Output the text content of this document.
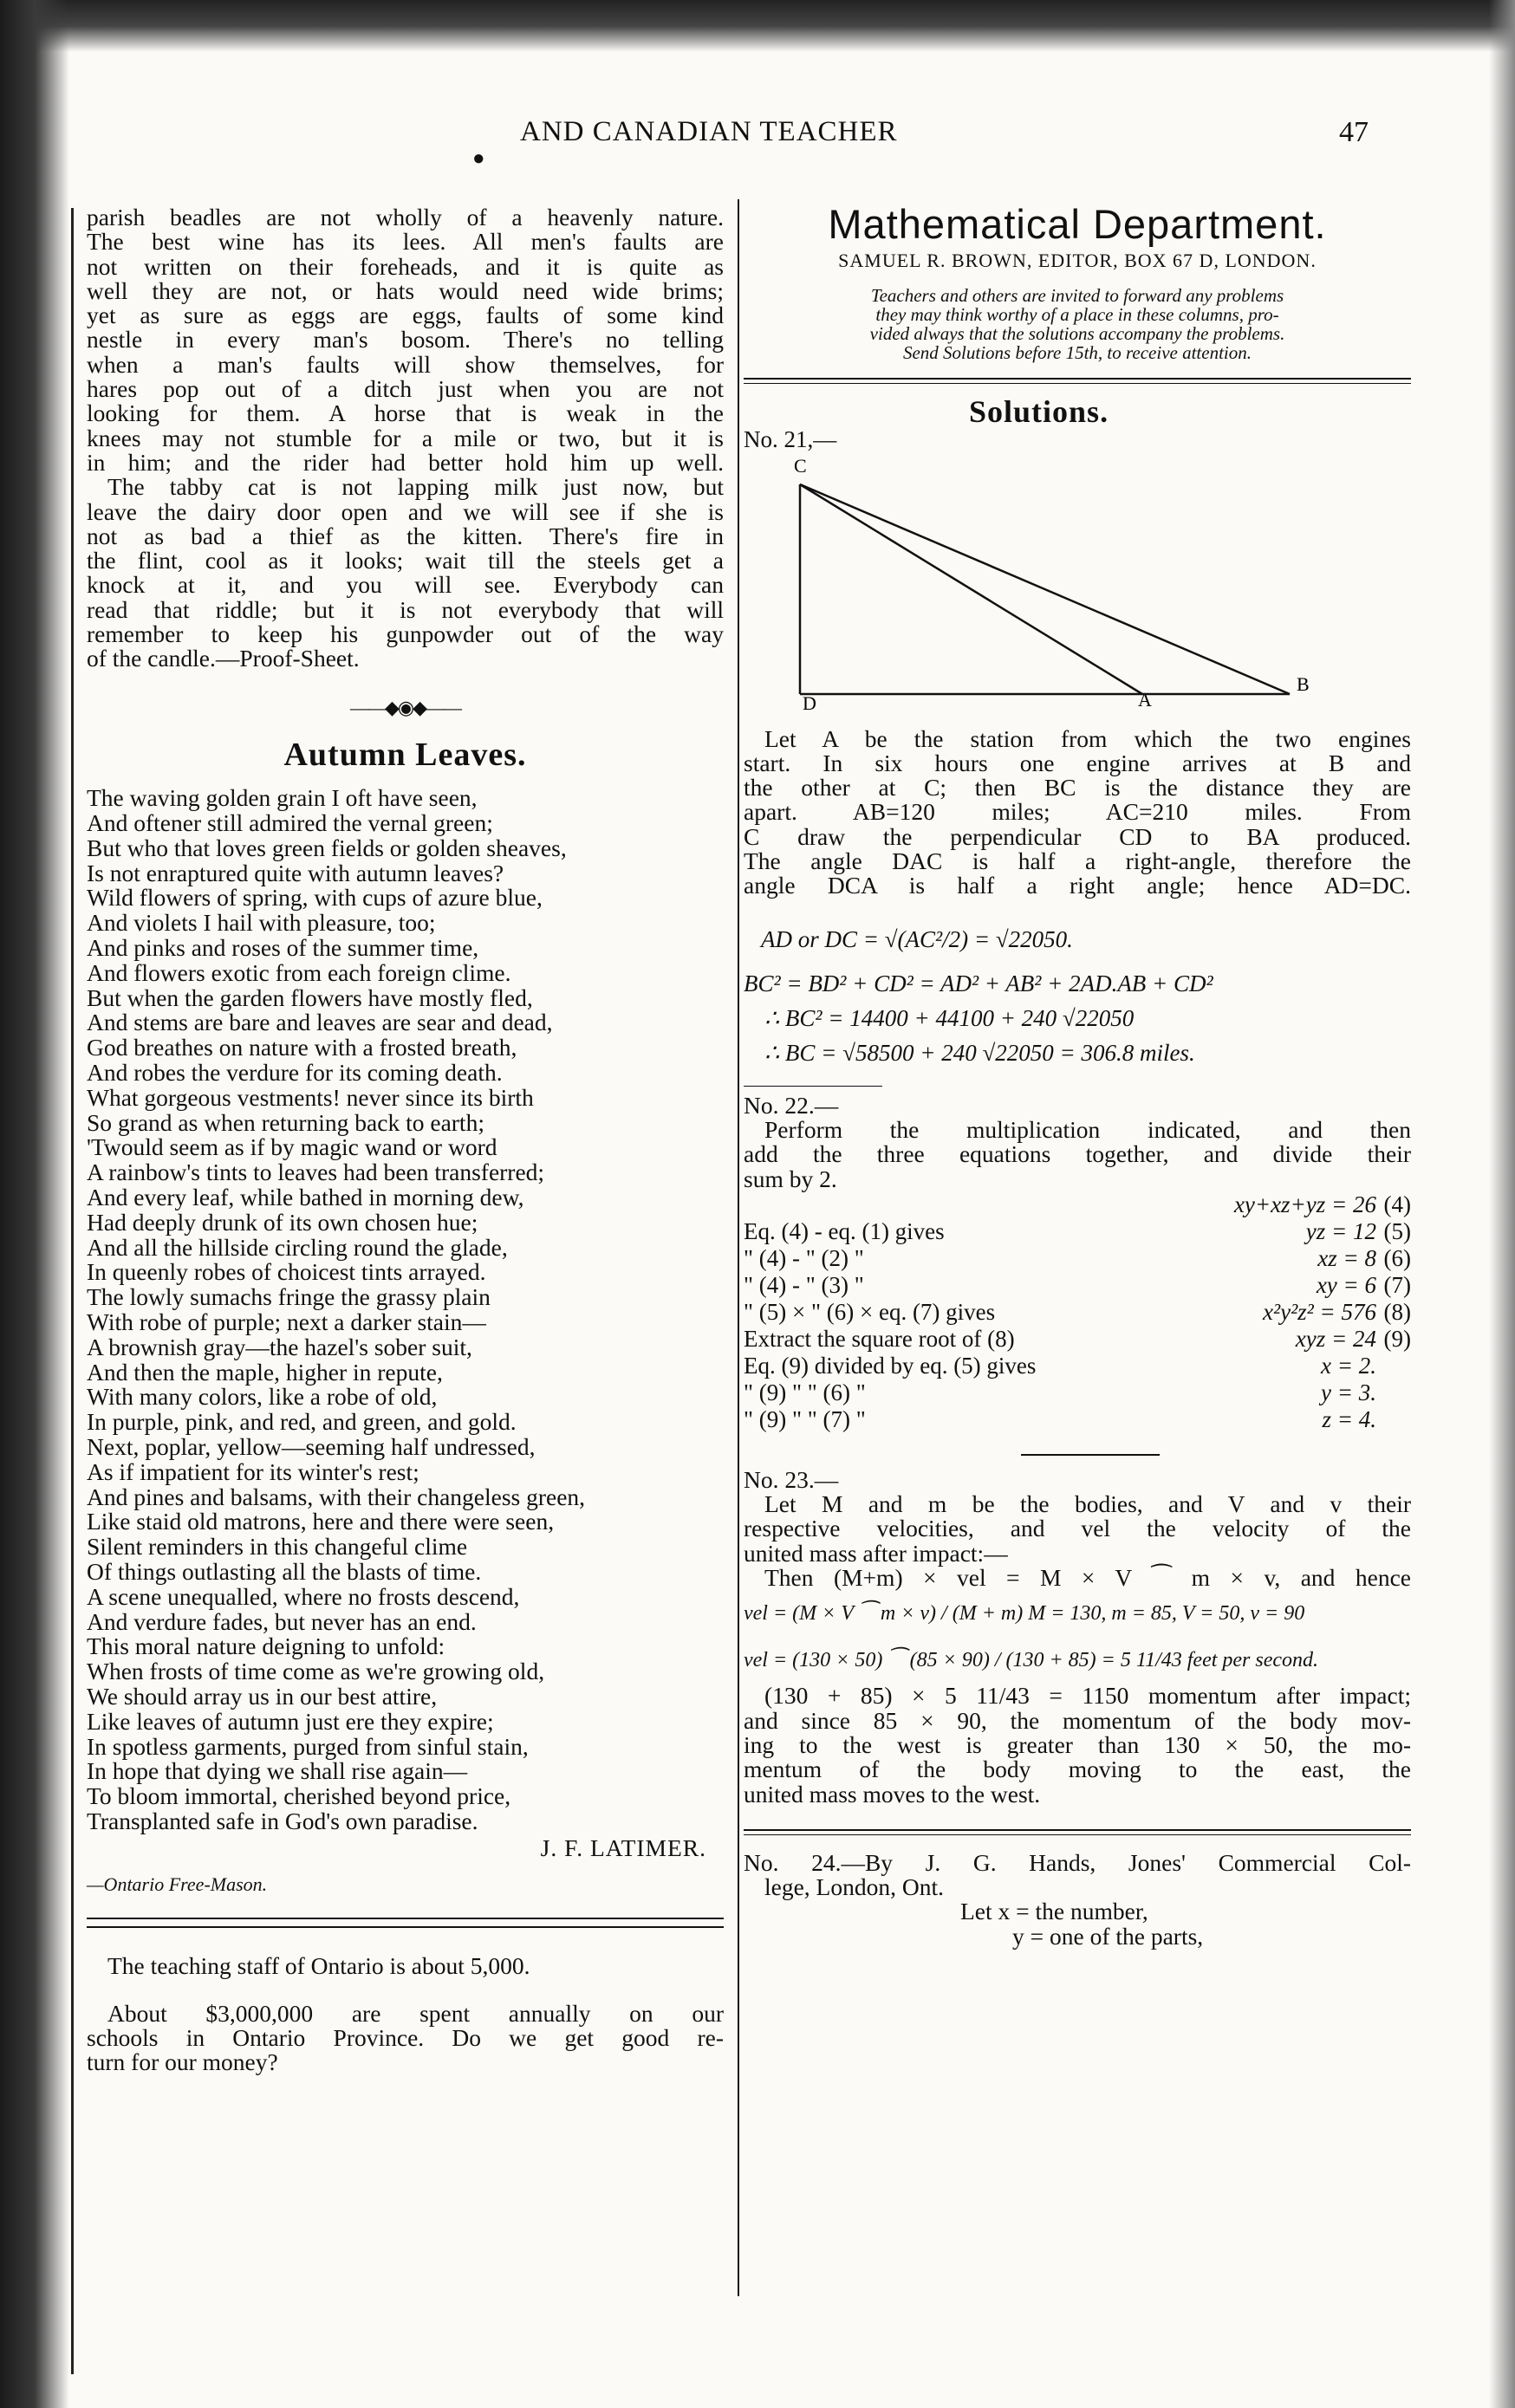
AND CANADIAN TEACHER	47
●

parish beadles are not wholly of a heavenly nature.

The best wine has its lees. All men's faults are

not written on their foreheads, and it is quite as

well they are not, or hats would need wide brims;

yet as sure as eggs are eggs, faults of some kind

nestle in every man's bosom. There's no telling

when a man's faults will show themselves, for

hares pop out of a ditch just when you are not

looking for them. A horse that is weak in the

knees may not stumble for a mile or two, but it is

in him; and the rider had better hold him up well.

The tabby cat is not lapping milk just now, but

leave the dairy door open and we will see if she is

not as bad a thief as the kitten. There's fire in

the flint, cool as it looks; wait till the steels get a

knock at it, and you will see. Everybody can

read that riddle; but it is not everybody that will

remember to keep his gunpowder out of the way

of the candle.—Proof-Sheet.

——◆◉◆——
Autumn Leaves.
The waving golden grain I oft have seen,
And oftener still admired the vernal green;
But who that loves green fields or golden sheaves,
Is not enraptured quite with autumn leaves?
Wild flowers of spring, with cups of azure blue,
And violets I hail with pleasure, too;
And pinks and roses of the summer time,
And flowers exotic from each foreign clime.
But when the garden flowers have mostly fled,
And stems are bare and leaves are sear and dead,
God breathes on nature with a frosted breath,
And robes the verdure for its coming death.
What gorgeous vestments! never since its birth
So grand as when returning back to earth;
'Twould seem as if by magic wand or word
A rainbow's tints to leaves had been transferred;
And every leaf, while bathed in morning dew,
Had deeply drunk of its own chosen hue;
And all the hillside circling round the glade,
In queenly robes of choicest tints arrayed.
The lowly sumachs fringe the grassy plain
With robe of purple; next a darker stain—
A brownish gray—the hazel's sober suit,
And then the maple, higher in repute,
With many colors, like a robe of old,
In purple, pink, and red, and green, and gold.
Next, poplar, yellow—seeming half undressed,
As if impatient for its winter's rest;
And pines and balsams, with their changeless green,
Like staid old matrons, here and there were seen,
Silent reminders in this changeful clime
Of things outlasting all the blasts of time.
A scene unequalled, where no frosts descend,
And verdure fades, but never has an end.
This moral nature deigning to unfold:
When frosts of time come as we're growing old,
We should array us in our best attire,
Like leaves of autumn just ere they expire;
In spotless garments, purged from sinful stain,
In hope that dying we shall rise again—
To bloom immortal, cherished beyond price,
Transplanted safe in God's own paradise.
J. F. LATIMER.
—Ontario Free-Mason.

The teaching staff of Ontario is about 5,000.

About $3,000,000 are spent annually on our

schools in Ontario Province. Do we get good re-

turn for our money?

Mathematical Department.
SAMUEL R. BROWN, EDITOR, BOX 67 D, LONDON.

Teachers and others are invited to forward any problems

they may think worthy of a place in these columns, pro-

vided always that the solutions accompany the problems.

Send Solutions before 15th, to receive attention.

Solutions.
No. 21,—
C
D	A
B

Let A be the station from which the two engines

start. In six hours one engine arrives at B and

the other at C; then BC is the distance they are

apart. AB=120 miles; AC=210 miles. From

C draw the perpendicular CD to BA produced.

The angle DAC is half a right-angle, therefore the

angle DCA is half a right angle; hence AD=DC.

AD or DC = √(AC²/2) = √22050.
BC² = BD² + CD² = AD² + AB² + 2AD.AB + CD²
∴ BC² = 14400 + 44100 + 240 √22050
∴ BC = √58500 + 240 √22050 = 306.8 miles.

No. 22.—

Perform the multiplication indicated, and then

add the three equations together, and divide their

sum by 2.

	xy+xz+yz = 26	(4)
Eq. (4) - eq. (1) gives	yz = 12	(5)
" (4) - " (2) "	xz = 8	(6)
" (4) - " (3) "	xy = 6	(7)
" (5) × " (6) × eq. (7) gives	x²y²z² = 576	(8)
Extract the square root of (8)	xyz = 24	(9)
Eq. (9) divided by eq. (5) gives	x = 2.	
" (9) " " (6) "	y = 3.	
" (9) " " (7) "	z = 4.	

No. 23.—

Let M and m be the bodies, and V and v their

respective velocities, and vel the velocity of the

united mass after impact:—

Then (M+m) × vel = M × V ⁀ m × v, and hence

vel = (M × V ⁀ m × v) / (M + m) M = 130, m = 85, V = 50, v = 90
vel = (130 × 50) ⁀ (85 × 90) / (130 + 85) = 5 11/43 feet per second.

(130 + 85) × 5 11/43 = 1150 momentum after impact;

and since 85 × 90, the momentum of the body mov-

ing to the west is greater than 130 × 50, the mo-

mentum of the body moving to the east, the

united mass moves to the west.

No. 24.—By J. G. Hands, Jones' Commercial Col-

lege, London, Ont.

Let x = the number,

y = one of the parts,
